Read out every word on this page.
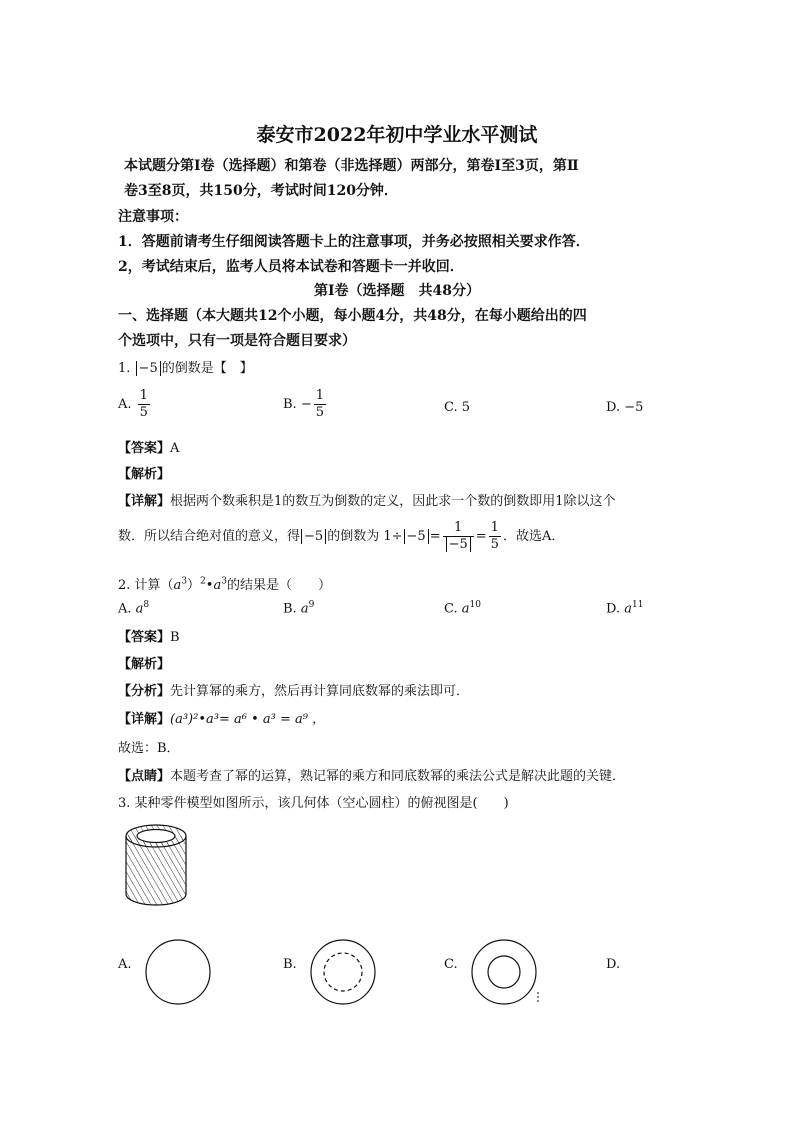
泰安市2022年初中学业水平测试
本试题分第Ⅰ卷（选择题）和第卷（非选择题）两部分，第卷Ⅰ至3页，第Ⅱ
卷3至8页，共150分，考试时间120分钟．
注意事项：
1．答题前请考生仔细阅读答题卡上的注意事项，并务必按照相关要求作答．
2，考试结束后，监考人员将本试卷和答题卡一并收回．
第Ⅰ卷（选择题　共48分）
一、选择题（本大题共12个小题，每小题4分，共48分，在每小题给出的四
个选项中，只有一项是符合题目要求）
1. −5 的倒数是【　】
A. $\frac{1}{5}$	B. − $\frac{1}{5}$	C. 5	D. −5
【答案】A
【解析】
【详解】根据两个数乘积是1的数互为倒数的定义，因此求一个数的倒数即用1除以这个
数．所以结合绝对值的意义，得 −5 的倒数为 $1\div -5 = \frac{1}{-5} = \frac{1}{5}$ ．故选A．
2. 计算$(a^3)^2•a^3$的结果是（　　）
A. $a^8$	B. $a^9$	C. $a^{10}$	D. $a^{11}$
【答案】B
【解析】
【分析】先计算幂的乘方，然后再计算同底数幂的乘法即可．
【详解】(a³)²•a³= a⁶ • a³ = a⁹ ，
故选：B．
【点睛】本题考查了幂的运算，熟记幂的乘方和同底数幂的乘法公式是解决此题的关键．
3. 某种零件模型如图所示，该几何体（空心圆柱）的俯视图是(　　)
A.	B.	C.	D.
